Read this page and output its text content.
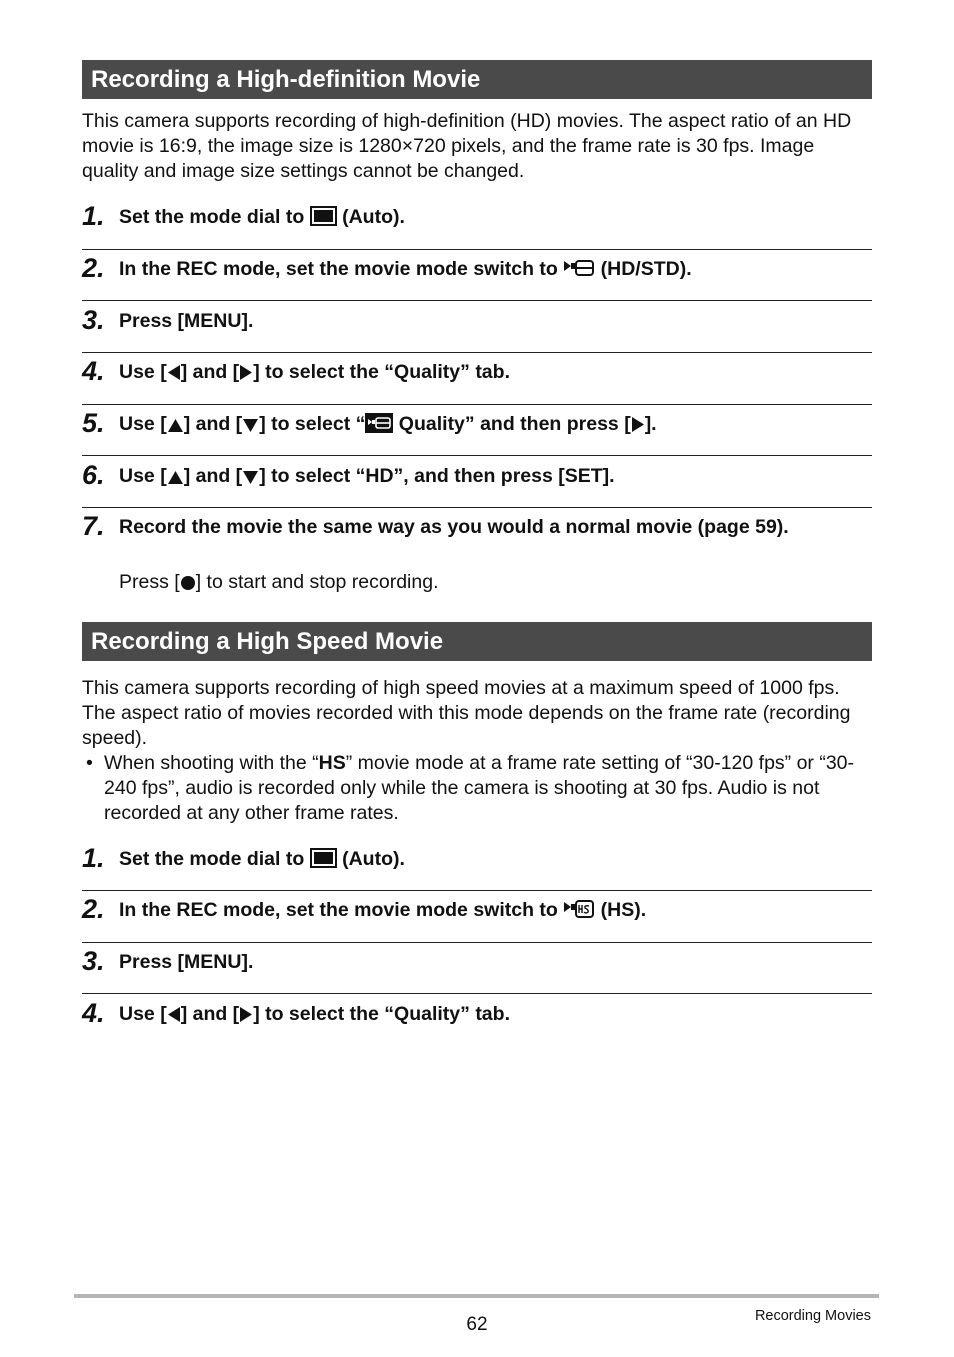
Recording a High-definition Movie

This camera supports recording of high-definition (HD) movies. The aspect ratio of an HD movie is 16:9, the image size is 1280×720 pixels, and the frame rate is 30 fps. Image quality and image size settings cannot be changed.

1. Set the mode dial to  (Auto).
2. In the REC mode, set the movie mode switch to  (HD/STD).
3. Press [MENU].
4. Use [ ] and [ ] to select the “Quality” tab.
5. Use [ ] and [ ] to select “ Quality” and then press [ ].
6. Use [ ] and [ ] to select “HD”, and then press [SET].
7. Record the movie the same way as you would a normal movie (page 59).
Press [ ] to start and stop recording.
Recording a High Speed Movie

This camera supports recording of high speed movies at a maximum speed of 1000 fps. The aspect ratio of movies recorded with this mode depends on the frame rate (recording speed).

• When shooting with the “HS” movie mode at a frame rate setting of “30-120 fps” or “30-240 fps”, audio is recorded only while the camera is shooting at 30 fps. Audio is not recorded at any other frame rates.

1. Set the mode dial to  (Auto).
2. In the REC mode, set the movie mode switch to  (HS).
3. Press [MENU].
4. Use [ ] and [ ] to select the “Quality” tab.
62	Recording Movies
